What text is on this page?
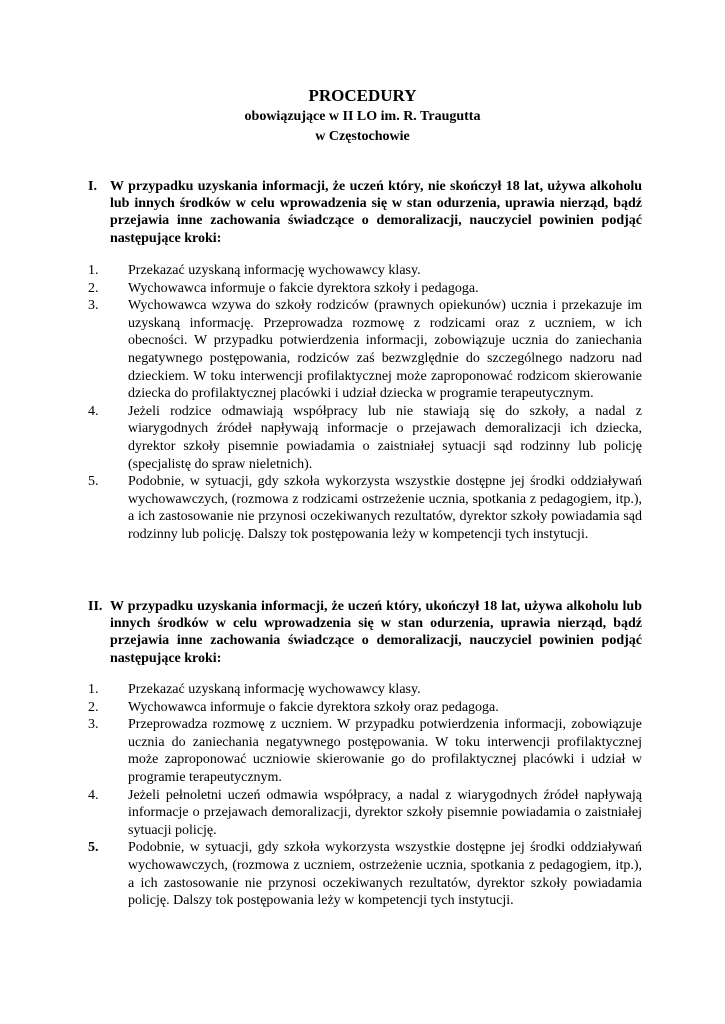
PROCEDURY
obowiązujące w II LO im. R. Traugutta
w Częstochowie
I. W przypadku uzyskania informacji, że uczeń który, nie skończył 18 lat, używa alkoholu lub innych środków w celu wprowadzenia się w stan odurzenia, uprawia nierząd, bądź przejawia inne zachowania świadczące o demoralizacji, nauczyciel powinien podjąć następujące kroki:
1.	Przekazać uzyskaną informację wychowawcy klasy.
2.	Wychowawca informuje o fakcie dyrektora szkoły i pedagoga.
3.	Wychowawca wzywa do szkoły rodziców (prawnych opiekunów) ucznia i przekazuje im uzyskaną informację. Przeprowadza rozmowę z rodzicami oraz z uczniem, w ich obecności. W przypadku potwierdzenia informacji, zobowiązuje ucznia do zaniechania negatywnego postępowania, rodziców zaś bezwzględnie do szczególnego nadzoru nad dzieckiem. W toku interwencji profilaktycznej może zaproponować rodzicom skierowanie dziecka do profilaktycznej placówki i udział dziecka w programie terapeutycznym.
4.	Jeżeli rodzice odmawiają współpracy lub nie stawiają się do szkoły, a nadal z wiarygodnych źródeł napływają informacje o przejawach demoralizacji ich dziecka, dyrektor szkoły pisemnie powiadamia o zaistniałej sytuacji sąd rodzinny lub policję (specjalistę do spraw nieletnich).
5.	Podobnie, w sytuacji, gdy szkoła wykorzysta wszystkie dostępne jej środki oddziaływań wychowawczych, (rozmowa z rodzicami ostrzeżenie ucznia, spotkania z pedagogiem, itp.), a ich zastosowanie nie przynosi oczekiwanych rezultatów, dyrektor szkoły powiadamia sąd rodzinny lub policję. Dalszy tok postępowania leży w kompetencji tych instytucji.
II. W przypadku uzyskania informacji, że uczeń który, ukończył 18 lat, używa alkoholu lub innych środków w celu wprowadzenia się w stan odurzenia, uprawia nierząd, bądź przejawia inne zachowania świadczące o demoralizacji, nauczyciel powinien podjąć następujące kroki:
1.	Przekazać uzyskaną informację wychowawcy klasy.
2.	Wychowawca informuje o fakcie dyrektora szkoły oraz pedagoga.
3.	Przeprowadza rozmowę z uczniem. W przypadku potwierdzenia informacji, zobowiązuje ucznia do zaniechania negatywnego postępowania. W toku interwencji profilaktycznej może zaproponować uczniowie skierowanie go do profilaktycznej placówki i udział w programie terapeutycznym.
4.	Jeżeli pełnoletni uczeń odmawia współpracy, a nadal z wiarygodnych źródeł napływają informacje o przejawach demoralizacji, dyrektor szkoły pisemnie powiadamia o zaistniałej sytuacji policję.
5.	Podobnie, w sytuacji, gdy szkoła wykorzysta wszystkie dostępne jej środki oddziaływań wychowawczych, (rozmowa z uczniem, ostrzeżenie ucznia, spotkania z pedagogiem, itp.), a ich zastosowanie nie przynosi oczekiwanych rezultatów, dyrektor szkoły powiadamia policję. Dalszy tok postępowania leży w kompetencji tych instytucji.
